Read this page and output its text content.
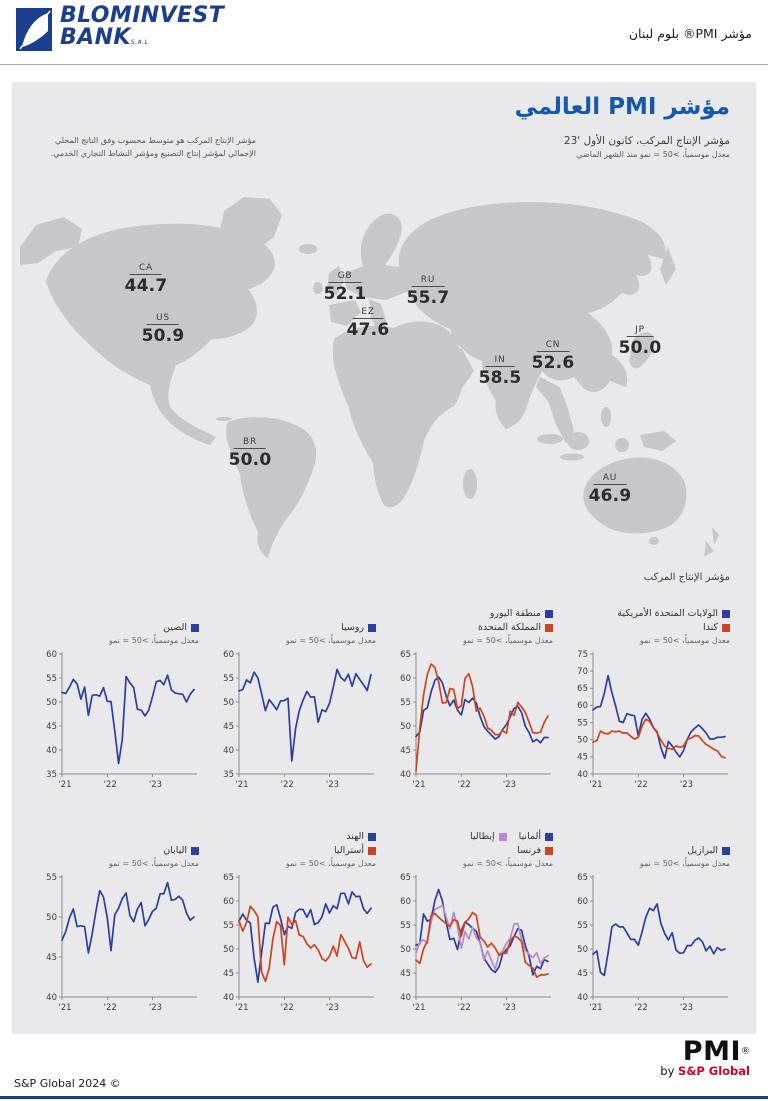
BLOMINVEST
BANKS.A.L
مؤشر PMI® بلوم لبنان
مؤشر PMI العالمي
مؤشر الإنتاج المركب، كانون الأول '23
معدل موسمياً، >50 = نمو منذ الشهر الماضي
مؤشر الإنتاج المركب هو متوسط محسوب وفق الناتج المحلي الإجمالي لمؤشر إنتاج التصنيع ومؤشر النشاط التجاري الخدمي.
CA
44.7
US
50.9
GB
52.1
EZ
47.6
RU
55.7
IN
58.5
CN
52.6
JP
50.0
BR
50.0
AU
46.9
مؤشر الإنتاج المركب
الصين
معدل موسمياً، >50 = نمو
35
40
45
50
55
60
'21	'22	'23
روسيا
معدل موسمياً، >50 = نمو
35
40
45
50
55
60
'21	'22	'23
منطقة اليورو
المملكة المتحدة
معدل موسمياً، >50 = نمو
40
45
50
55
60
65
'21	'22	'23
الولايات المتحدة الأمريكية
كندا
معدل موسمياً، >50 = نمو
40
45
50
55
60
65
70
75
'21	'22	'23
اليابان
معدل موسمياً، >50 = نمو
40
45
50
55
'21	'22	'23
الهند
أستراليا
معدل موسمياً، >50 = نمو
40
45
50
55
60
65
'21	'22	'23
ألمانيا
إيطاليا
فرنسا
معدل موسمياً، >50 = نمو
40
45
50
55
60
65
'21	'22	'23
البرازيل
معدل موسمياً، >50 = نمو
40
45
50
55
60
65
'21	'22	'23
S&P Global 2024 ©
PMI®
by S&P Global
